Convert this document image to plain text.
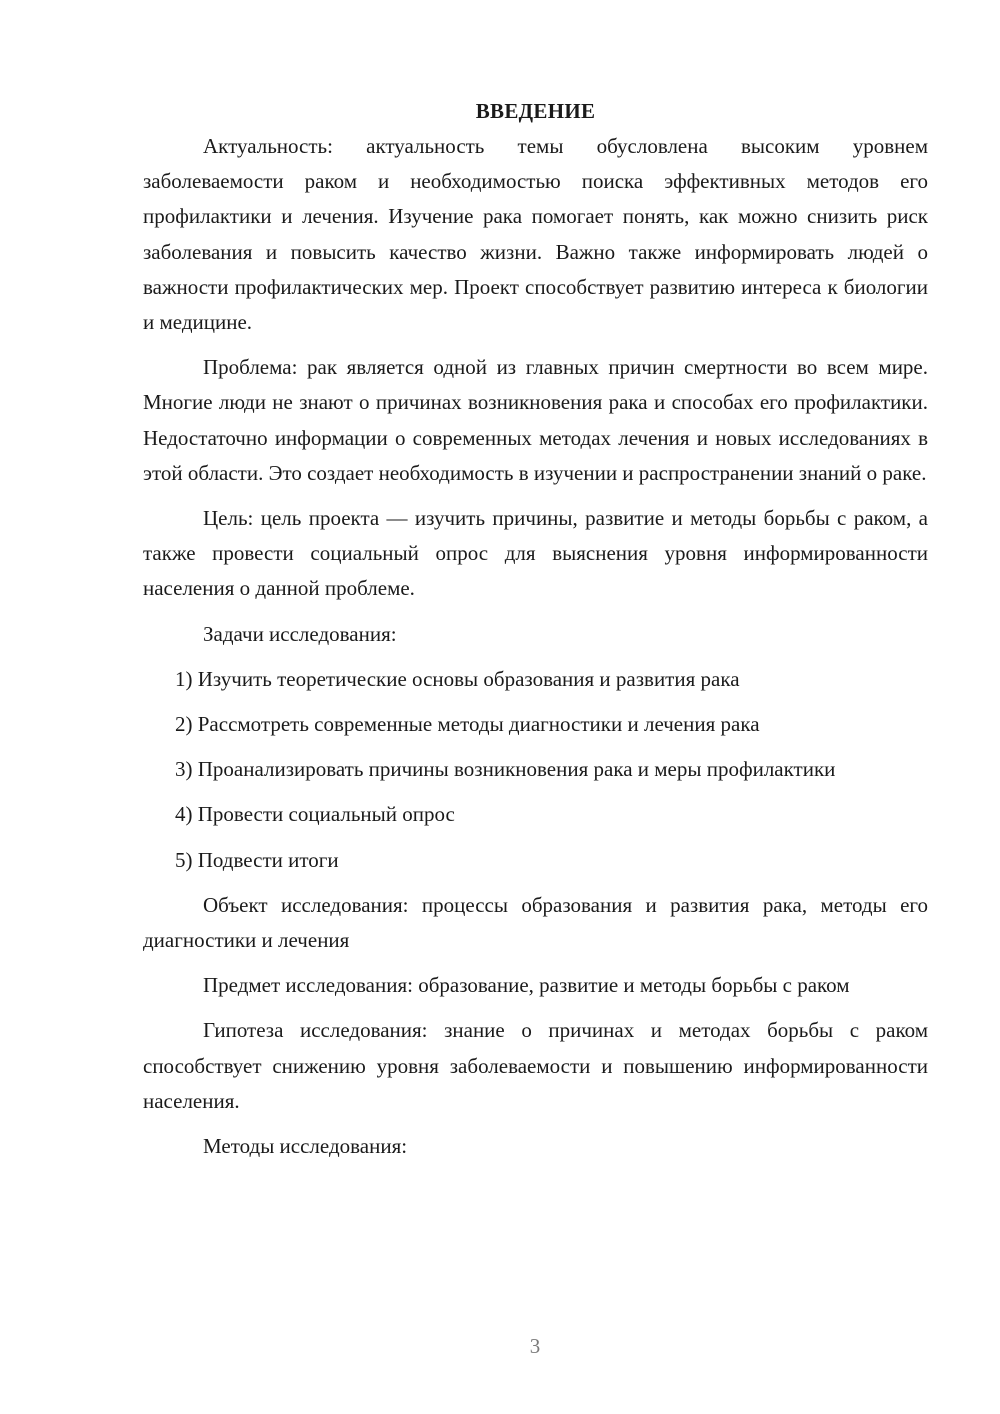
ВВЕДЕНИЕ

Актуальность: актуальность темы обусловлена высоким уровнем заболеваемости раком и необходимостью поиска эффективных методов его профилактики и лечения. Изучение рака помогает понять, как можно снизить риск заболевания и повысить качество жизни. Важно также информировать людей о важности профилактических мер. Проект способствует развитию интереса к биологии и медицине.

Проблема: рак является одной из главных причин смертности во всем мире. Многие люди не знают о причинах возникновения рака и способах его профилактики. Недостаточно информации о современных методах лечения и новых исследованиях в этой области. Это создает необходимость в изучении и распространении знаний о раке.

Цель: цель проекта — изучить причины, развитие и методы борьбы с раком, а также провести социальный опрос для выяснения уровня информированности населения о данной проблеме.

Задачи исследования:

1) Изучить теоретические основы образования и развития рака

2) Рассмотреть современные методы диагностики и лечения рака

3) Проанализировать причины возникновения рака и меры профилактики

4) Провести социальный опрос

5) Подвести итоги

Объект исследования: процессы образования и развития рака, методы его диагностики и лечения

Предмет исследования: образование, развитие и методы борьбы с раком

Гипотеза исследования: знание о причинах и методах борьбы с раком способствует снижению уровня заболеваемости и повышению информированности населения.

Методы исследования:

3
